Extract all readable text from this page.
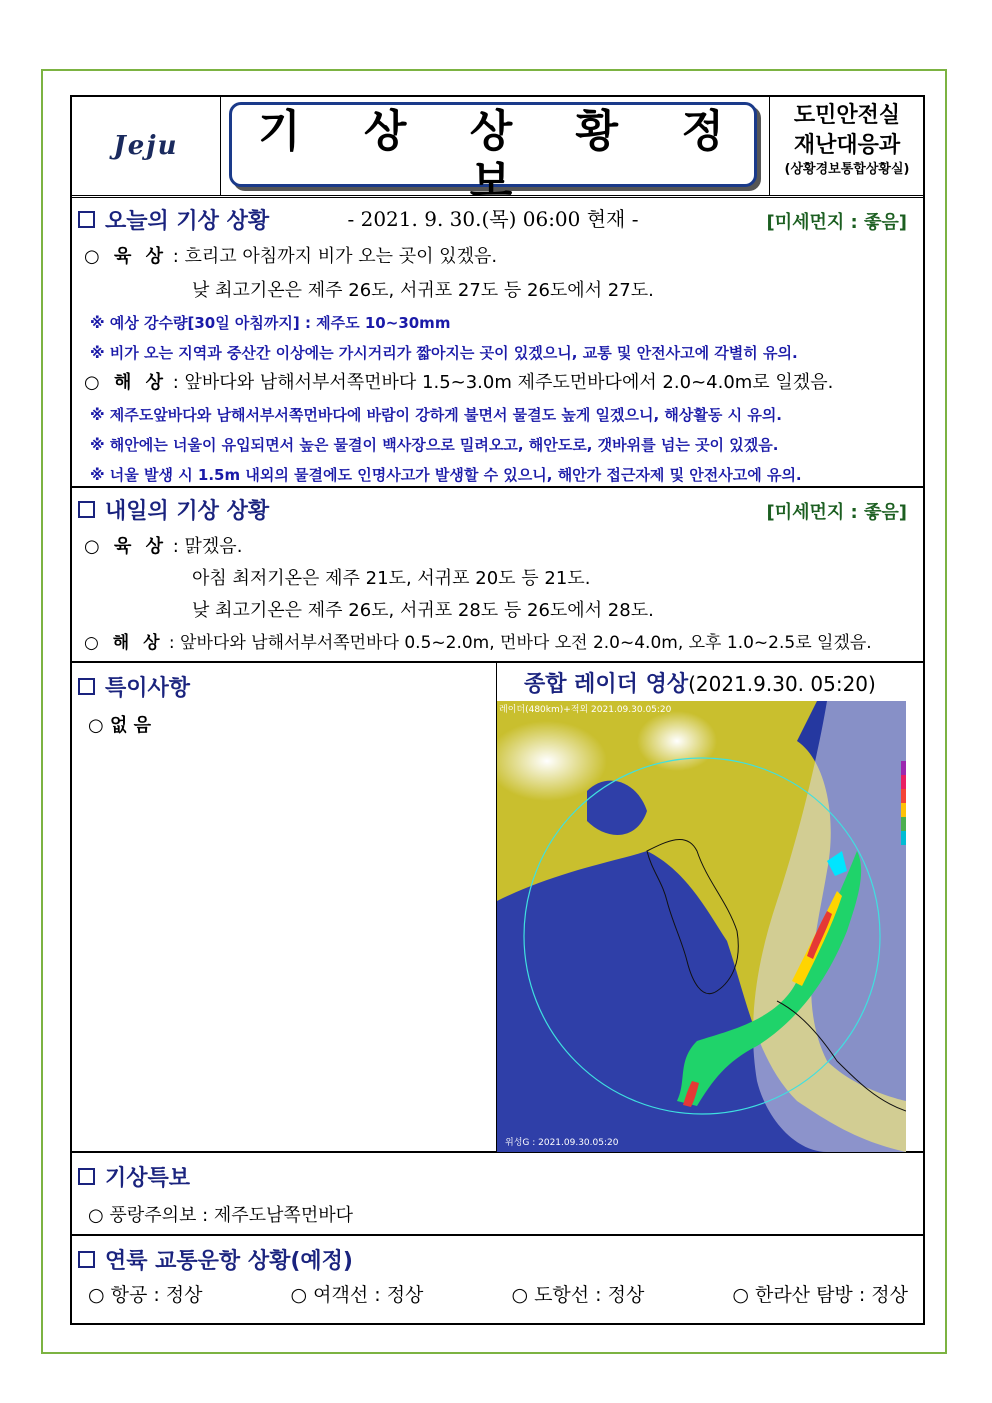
Jeju	기 상 상 황 정 보
- 2021. 9. 30.(목) 06:00 현재 -
도민안전실
재난대응과
(상황경보통합상황실)
오늘의 기상 상황	[미세먼지 : 좋음]
○ 육 상 : 흐리고 아침까지 비가 오는 곳이 있겠음.
낮 최고기온은 제주 26도, 서귀포 27도 등 26도에서 27도.
※ 예상 강수량[30일 아침까지] : 제주도 10~30mm
※ 비가 오는 지역과 중산간 이상에는 가시거리가 짧아지는 곳이 있겠으니, 교통 및 안전사고에 각별히 유의.
○ 해 상 : 앞바다와 남해서부서쪽먼바다 1.5~3.0m 제주도먼바다에서 2.0~4.0m로 일겠음.
※ 제주도앞바다와 남해서부서쪽먼바다에 바람이 강하게 불면서 물결도 높게 일겠으니, 해상활동 시 유의.
※ 해안에는 너울이 유입되면서 높은 물결이 백사장으로 밀려오고, 해안도로, 갯바위를 넘는 곳이 있겠음.
※ 너울 발생 시 1.5m 내외의 물결에도 인명사고가 발생할 수 있으니, 해안가 접근자제 및 안전사고에 유의.
내일의 기상 상황	[미세먼지 : 좋음]
○ 육 상 : 맑겠음.
아침 최저기온은 제주 21도, 서귀포 20도 등 21도.
낮 최고기온은 제주 26도, 서귀포 28도 등 26도에서 28도.
○ 해 상 : 앞바다와 남해서부서쪽먼바다 0.5~2.0m, 먼바다 오전 2.0~4.0m, 오후 1.0~2.5로 일겠음.
특이사항
○ 없 음
종합 레이더 영상(2021.9.30. 05:20)
레이더(480km)+적외 2021.09.30.05:20
위성G : 2021.09.30.05:20
기상특보
○ 풍랑주의보 : 제주도남쪽먼바다
연륙 교통운항 상황(예정)
○ 항공 : 정상	○ 여객선 : 정상	○ 도항선 : 정상	○ 한라산 탐방 : 정상
